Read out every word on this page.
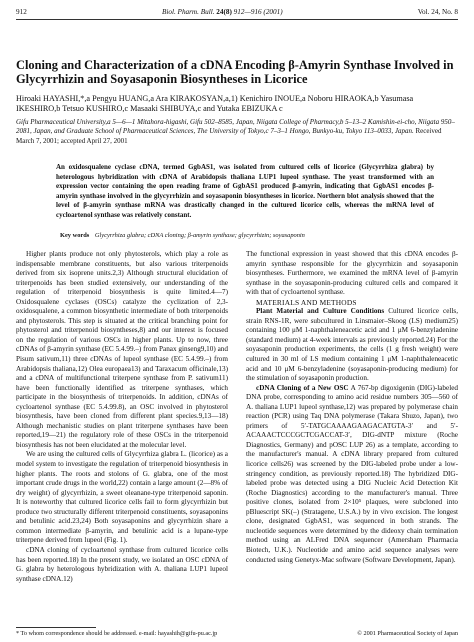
912	Biol. Pharm. Bull. 24(8) 912—916 (2001)	Vol. 24, No. 8
Cloning and Characterization of a cDNA Encoding β-Amyrin Synthase Involved in Glycyrrhizin and Soyasaponin Biosyntheses in Licorice
Hiroaki HAYASHI,*,a Pengyu HUANG,a Ara KIRAKOSYAN,a,1) Kenichiro INOUE,a Noboru HIRAOKA,b Yasumasa IKESHIRO,b Tetsuo KUSHIRO,c Masaaki SHIBUYA,c and Yutaka EBIZUKA c
Gifu Pharmaceutical University,a 5—6—1 Mitahora-higashi, Gifu 502–8585, Japan, Niigata College of Pharmacy,b 5–13–2 Kamishin-ei-cho, Niigata 950–2081, Japan, and Graduate School of Pharmaceutical Sciences, The University of Tokyo,c 7–3–1 Hongo, Bunkyo-ku, Tokyo 113–0033, Japan. Received March 7, 2001; accepted April 27, 2001
An oxidosqualene cyclase cDNA, termed GgbAS1, was isolated from cultured cells of licorice (Glycyrrhiza glabra) by heterologous hybridization with cDNA of Arabidopsis thaliana LUP1 lupeol synthase. The yeast transformed with an expression vector containing the open reading frame of GgbAS1 produced β-amyrin, indicating that GgbAS1 encodes β-amyrin synthase involved in the glycyrrhizin and soyasaponin biosyntheses in licorice. Northern blot analysis showed that the level of β-amyrin synthase mRNA was drastically changed in the cultured licorice cells, whereas the mRNA level of cycloartenol synthase was relatively constant.
Key words Glycyrrhiza glabra; cDNA cloning; β-amyrin synthase; glycyrrhizin; soyasaponin

Higher plants produce not only phytosterols, which play a role as indispensable membrane constituents, but also various triterpenoids derived from six isoprene units.2,3) Although structural elucidation of triterpenoids has been studied extensively, our understanding of the regulation of triterpenoid biosynthesis is quite limited.4—7) Oxidosqualene cyclases (OSCs) catalyze the cyclization of 2,3-oxidosqualene, a common biosynthetic intermediate of both triterpenoids and phytosterols. This step is situated at the critical branching point for phytosterol and triterpenoid biosyntheses,8) and our interest is focused on the regulation of various OSCs in higher plants. Up to now, three cDNAs of β-amyrin synthase (EC 5.4.99.–) from Panax ginseng9,10) and Pisum sativum,11) three cDNAs of lupeol synthase (EC 5.4.99.–) from Arabidopsis thaliana,12) Olea europaea13) and Taraxacum officinale,13) and a cDNA of multifunctional triterpene synthase from P. sativum11) have been functionally identified as triterpene synthases, which participate in the biosynthesis of triterpenoids. In addition, cDNAs of cycloartenol synthase (EC 5.4.99.8), an OSC involved in phytosterol biosynthesis, have been cloned from different plant species.9,13—18) Although mechanistic studies on plant triterpene synthases have been reported,19—21) the regulatory role of these OSCs in the triterpenoid biosynthesis has not been elucidated at the molecular level.

We are using the cultured cells of Glycyrrhiza glabra L. (licorice) as a model system to investigate the regulation of triterpenoid biosynthesis in higher plants. The roots and stolons of G. glabra, one of the most important crude drugs in the world,22) contain a large amount (2—8% of dry weight) of glycyrrhizin, a sweet oleanane-type triterpenoid saponin. It is noteworthy that cultured licorice cells fail to form glycyrrhizin but produce two structurally different triterpenoid constituents, soyasaponins and betulinic acid.23,24) Both soyasaponins and glycyrrhizin share a common intermediate β-amyrin, and betulinic acid is a lupane-type triterpene derived from lupeol (Fig. 1).

cDNA cloning of cycloartenol synthase from cultured licorice cells has been reported.18) In the present study, we isolated an OSC cDNA of G. glabra by heterologous hybridization with A. thaliana LUP1 lupeol synthase cDNA.12)

The functional expression in yeast showed that this cDNA encodes β-amyrin synthase responsible for the glycyrrhizin and soyasaponin biosyntheses. Furthermore, we examined the mRNA level of β-amyrin synthase in the soyasaponin-producing cultured cells and compared it with that of cycloartenol synthase.

MATERIALS AND METHODS

Plant Material and Culture Conditions Cultured licorice cells, strain RNS-1R, were subcultured in Linsmaier–Skoog (LS) medium25) containing 100 μM 1-naphthaleneacetic acid and 1 μM 6-benzyladenine (standard medium) at 4-week intervals as previously reported.24) For the soyasaponin production experiments, the cells (1 g fresh weight) were cultured in 30 ml of LS medium containing 1 μM 1-naphthaleneacetic acid and 10 μM 6-benzyladenine (soyasaponin-producing medium) for the stimulation of soyasaponin production.

cDNA Cloning of a New OSC A 767-bp digoxigenin (DIG)-labeled DNA probe, corresponding to amino acid residue numbers 305—560 of A. thaliana LUP1 lupeol synthase,12) was prepared by polymerase chain reaction (PCR) using Taq DNA polymerase (Takara Shuzo, Japan), two primers of 5′-TATGCAAAAGAAGACATGTA-3′ and 5′-ACAAACTCCCGCTCGACCAT-3′, DIG-dNTP mixture (Roche Diagnostics, Germany) and pOSC LUP 26) as a template, according to the manufacturer's manual. A cDNA library prepared from cultured licorice cells26) was screened by the DIG-labeled probe under a low-stringency condition, as previously reported.18) The hybridized DIG-labeled probe was detected using a DIG Nucleic Acid Detection Kit (Roche Diagnostics) according to the manufacturer's manual. Three positive clones, isolated from 2×10⁵ plaques, were subcloned into pBluescript SK(–) (Stratagene, U.S.A.) by in vivo excision. The longest clone, designated GgbAS1, was sequenced in both strands. The nucleotide sequences were determined by the dideoxy chain termination method using an ALFred DNA sequencer (Amersham Pharmacia Biotech, U.K.). Nucleotide and amino acid sequence analyses were conducted using Genetyx-Mac software (Software Development, Japan).

* To whom correspondence should be addressed. e-mail: hayashih@gifu-pu.ac.jp	© 2001 Pharmaceutical Society of Japan
